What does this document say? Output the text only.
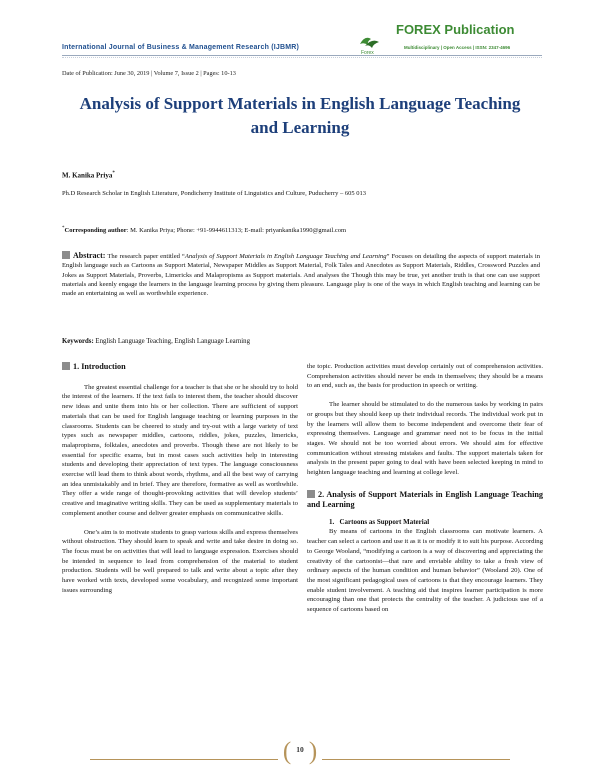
International Journal of Business & Management Research (IJBMR)
FOREX Publication
Forex
Multidisciplinary | Open Access | ISSN: 2347-4696
Date of Publication: June 30, 2019 | Volume 7, Issue 2 | Pages: 10-13
Analysis of Support Materials in English Language Teaching
and Learning
M. Kanika Priya*
Ph.D Research Scholar in English Literature, Pondicherry Institute of Linguistics and Culture, Puducherry – 605 013
*Corresponding author: M. Kanika Priya; Phone: +91-9944611313; E-mail: priyankanika1990@gmail.com
Abstract: The research paper entitled “Analysis of Support Materials in English Language Teaching and Learning” Focuses on detailing the aspects of support materials in English language such as Cartoons as Support Material, Newspaper Middles as Support Material, Folk Tales and Anecdotes as Support Materials, Riddles, Crossword Puzzles and Jokes as Support Materials, Proverbs, Limericks and Malapropisms as Support materials. And analyses the Though this may be true, yet another truth is that one can use support materials and keenly engage the learners in the language learning process by giving them pleasure. Language play is one of the ways in which English teaching and learning can be made an entertaining as well as worthwhile experience.
Keywords: English Language Teaching, English Language Learning
1. Introduction

The greatest essential challenge for a teacher is that she or he should try to hold the interest of the learners. If the text fails to interest them, the teacher should discover new ideas and unite them into his or her collection. There are sufficient of support materials that can be used for English language teaching or learning purposes in the classrooms. Students can be cheered to study and try-out with a large variety of text types such as newspaper middles, cartoons, riddles, jokes, puzzles, limericks, malapropisms, folktales, anecdotes and proverbs. Though these are not likely to be essential for specific exams, but in most cases such activities help in interesting students and developing their appreciation of text types. The language consciousness exercise will lead them to think about words, rhythms, and all the best way of carrying an idea unmistakably and in brief. They are therefore, formative as well as worthwhile. They offer a wide range of thought-provoking activities that will develop students’ creative and imaginative writing skills. They can be used as supplementary materials to complement another course and deliver greater emphasis on communicative skills.

One’s aim is to motivate students to grasp various skills and express themselves without obstruction. They should learn to speak and write and take desire in doing so. The focus must be on activities that will lead to language expression. Exercises should be intended in sequence to lead from comprehension of the material to student production. Students will be well prepared to talk and write about a topic after they have worked with texts, developed some vocabulary, and recognized some important issues surrounding

the topic. Production activities must develop certainly out of comprehension activities. Comprehension activities should never be ends in themselves; they should be a means to an end, such as, the basis for production in speech or writing.

The learner should be stimulated to do the numerous tasks by working in pairs or groups but they should keep up their individual records. The individual work put in by the learners will allow them to become independent and overcome their fear of expressing themselves. Language and grammar need not to be focus in the initial stages. We should not be too worried about errors. We should aim for effective communication without stressing mistakes and faults. The support materials taken for analysis in the present paper going to deal with have been selected keeping in mind to heighten language teaching and learning at college level.

2. Analysis of Support Materials in English Language Teaching and Learning
1. Cartoons as Support Material

By means of cartoons in the English classrooms can motivate learners. A teacher can select a cartoon and use it as it is or modify it to suit his purpose. According to George Wooland, “modifying a cartoon is a way of discovering and appreciating the creativity of the cartoonist—that rare and enviable ability to take a fresh view of ordinary aspects of the human condition and human behavior” (Wooland 20). One of the most significant pedagogical uses of cartoons is that they encourage learners. They enable student involvement. A teaching aid that inspires learner participation is more encouraging than one that protects the centrality of the teacher. A judicious use of a sequence of cartoons based on

( 10 )
